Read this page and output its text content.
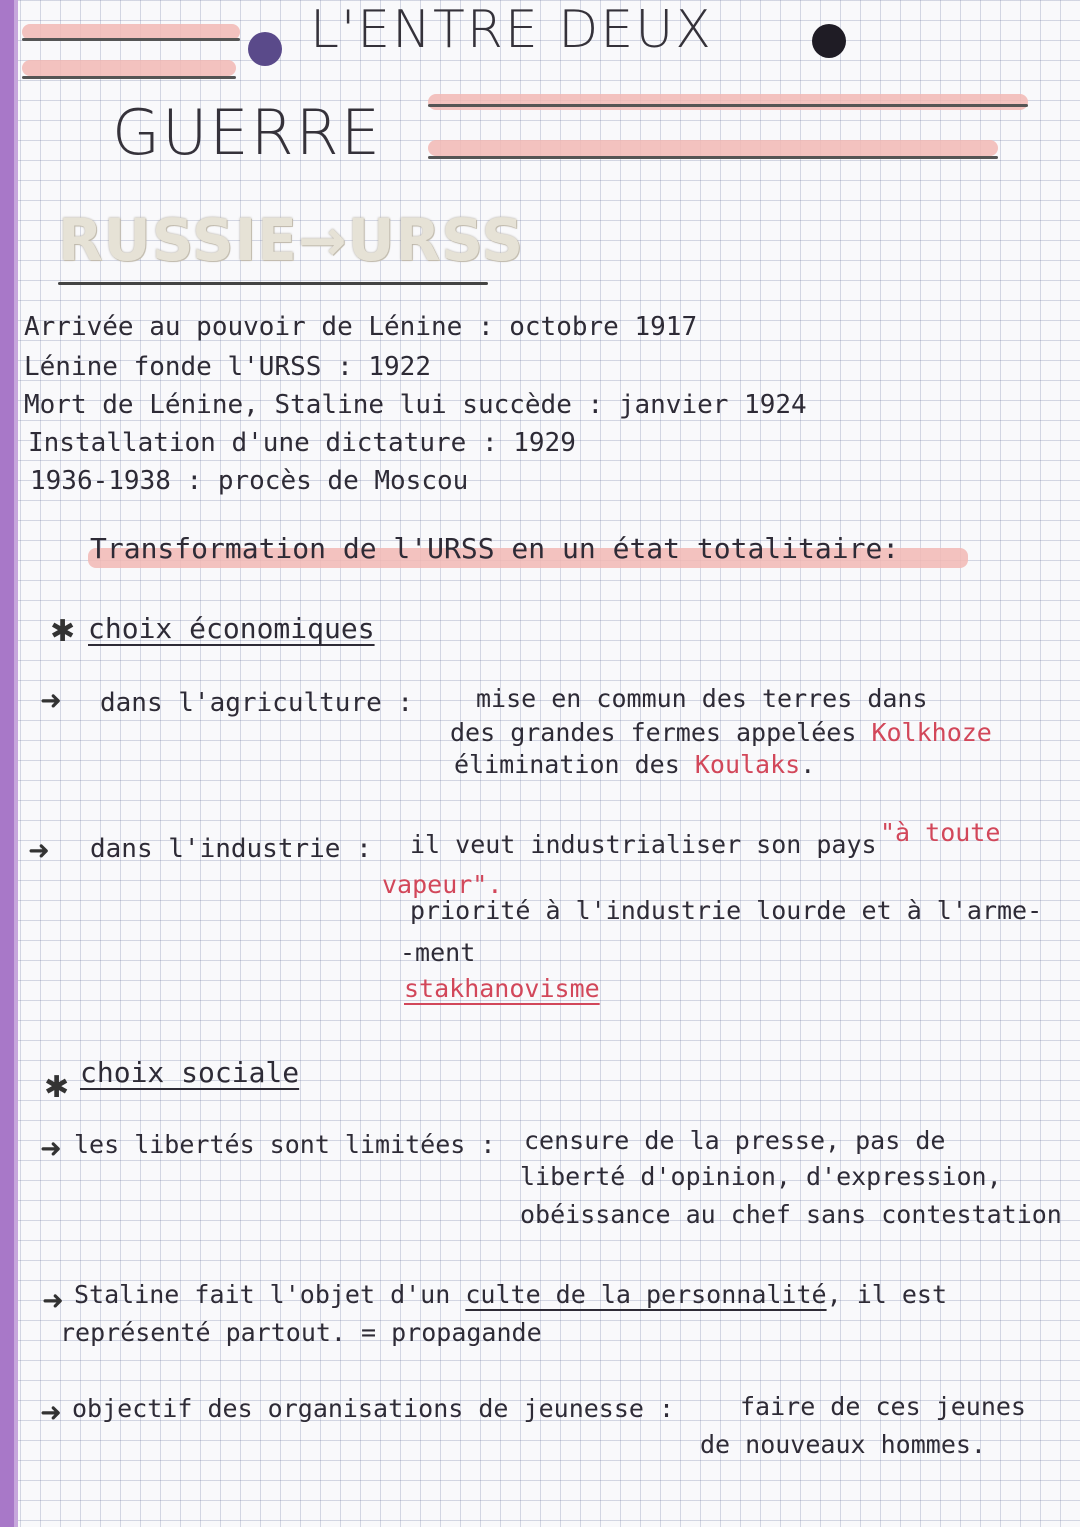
L'ENTRE DEUX
GUERRE
RUSSIE→URSS
Arrivée au pouvoir de Lénine : octobre 1917
Lénine fonde l'URSS : 1922
Mort de Lénine, Staline lui succède : janvier 1924
Installation d'une dictature : 1929
1936-1938 : procès de Moscou
Transformation de l'URSS en un état totalitaire:
✱ choix économiques
➜ dans l'agriculture :	mise en commun des terres dans
des grandes fermes appelées Kolkhoze
élimination des Koulaks.
➜ dans l'industrie : il veut industrialiser son pays "à toute
vapeur".
priorité à l'industrie lourde et à l'arme-
-ment
stakhanovisme
✱ choix sociale
➜ les libertés sont limitées : censure de la presse, pas de
liberté d'opinion, d'expression,
obéissance au chef sans contestation
➜ Staline fait l'objet d'un culte de la personnalité, il est
représenté partout. = propagande
➜ objectif des organisations de jeunesse :	faire de ces jeunes
de nouveaux hommes.
